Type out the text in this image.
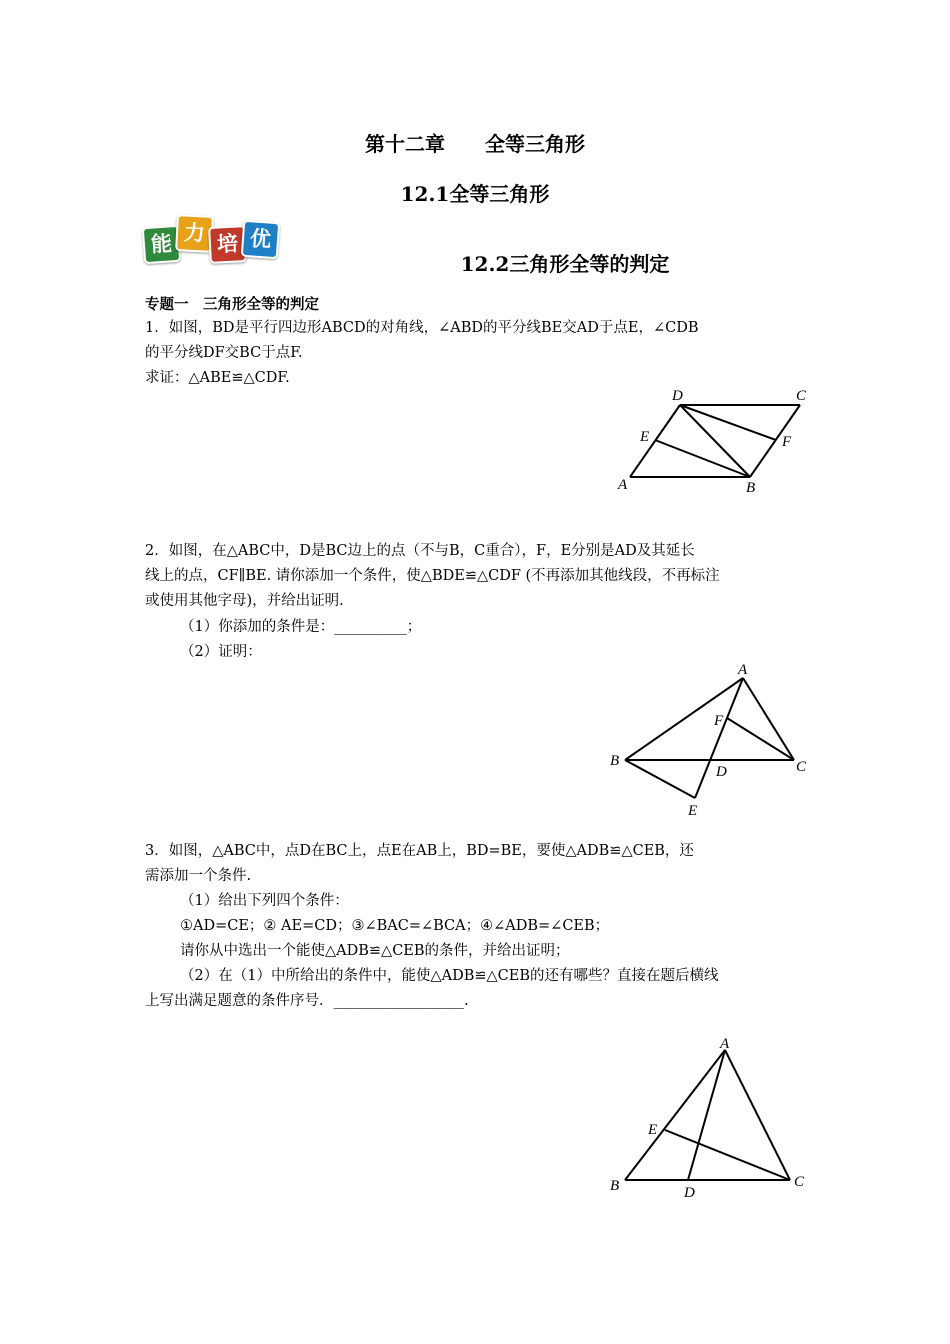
第十二章　　全等三角形
12.1全等三角形
能 力 培 优
12.2三角形全等的判定
专题一　三角形全等的判定
1．如图，BD是平行四边形ABCD的对角线，∠ABD的平分线BE交AD于点E，∠CDB
的平分线DF交BC于点F.
求证：△ABE≌△CDF.
D	C
E	F
A	B
2．如图，在△ABC中，D是BC边上的点（不与B，C重合），F，E分别是AD及其延长
线上的点，CF∥BE. 请你添加一个条件，使△BDE≌△CDF (不再添加其他线段，不再标注
或使用其他字母)，并给出证明.
（1）你添加的条件是：__________；
（2）证明：
A
F
B	C
D
E
3．如图，△ABC中，点D在BC上，点E在AB上，BD=BE，要使△ADB≌△CEB，还
需添加一个条件.
（1）给出下列四个条件：
①AD=CE；② AE=CD；③∠BAC=∠BCA；④∠ADB=∠CEB；
请你从中选出一个能使△ADB≌△CEB的条件，并给出证明；
（2）在（1）中所给出的条件中，能使△ADB≌△CEB的还有哪些？直接在题后横线
上写出满足题意的条件序号．__________________.
A
E
B	D
C
